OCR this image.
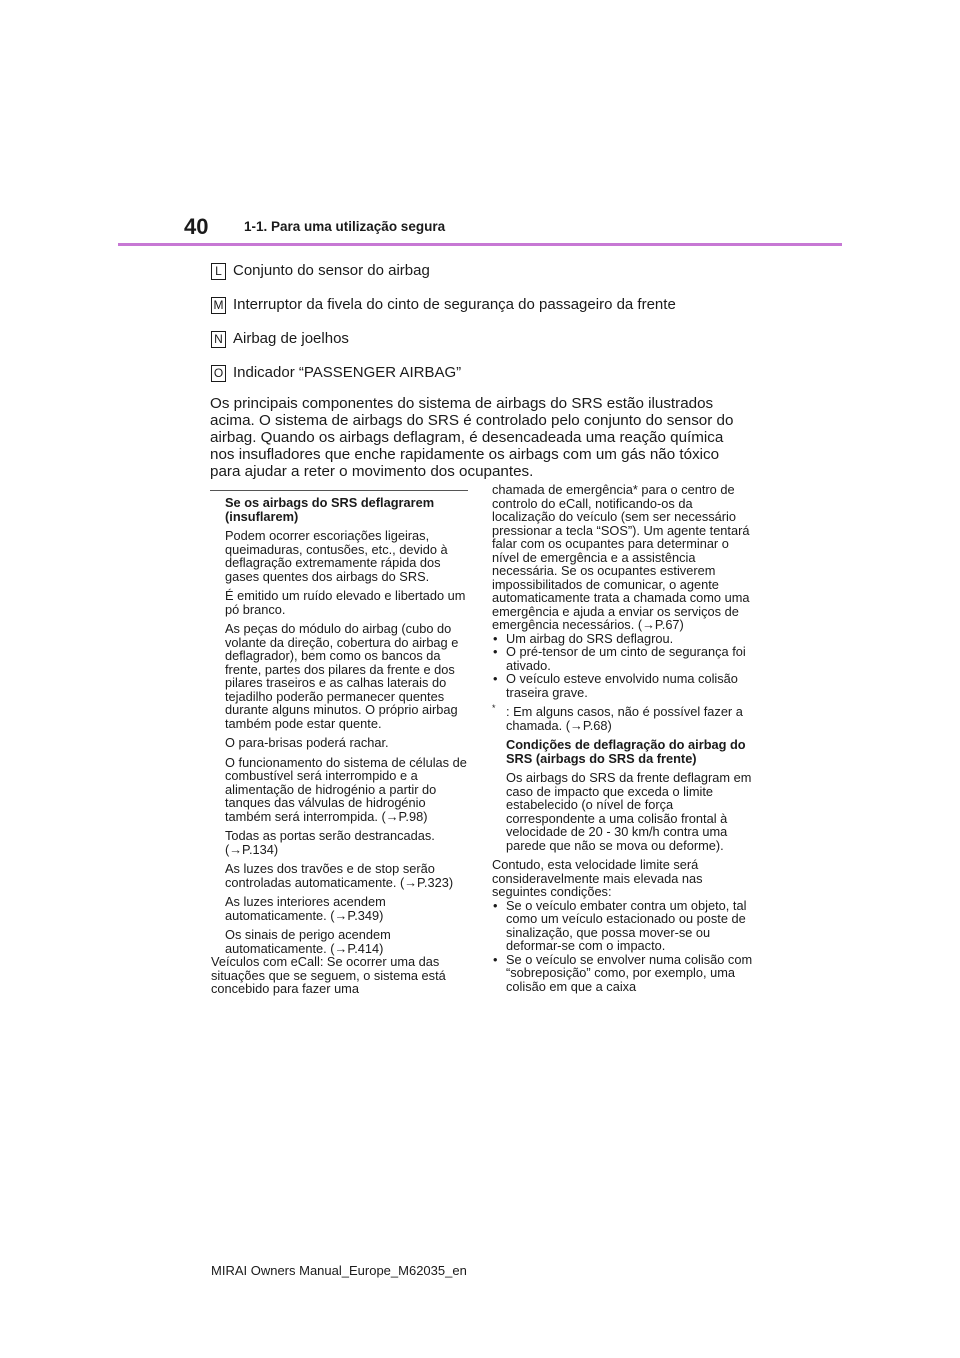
40	1-1. Para uma utilização segura
L Conjunto do sensor do airbag
M Interruptor da fivela do cinto de segurança do passageiro da frente
N Airbag de joelhos
O Indicador “PASSENGER AIRBAG”

Os principais componentes do sistema de airbags do SRS estão ilustrados acima. O sistema de airbags do SRS é controlado pelo conjunto do sensor do airbag. Quando os airbags deflagram, é desencadeada uma reação química nos insufladores que enche rapidamente os airbags com um gás não tóxico para ajudar a reter o movimento dos ocupantes.

Se os airbags do SRS deflagrarem (insuflarem)

Podem ocorrer escoriações ligeiras, queimaduras, contusões, etc., devido à deflagração extremamente rápida dos gases quentes dos airbags do SRS.

É emitido um ruído elevado e libertado um pó branco.

As peças do módulo do airbag (cubo do volante da direção, cobertura do airbag e deflagrador), bem como os bancos da frente, partes dos pilares da frente e dos pilares traseiros e as calhas laterais do tejadilho poderão permanecer quentes durante alguns minutos. O próprio airbag também pode estar quente.

O para-brisas poderá rachar.

O funcionamento do sistema de células de combustível será interrompido e a alimentação de hidrogénio a partir do tanques das válvulas de hidrogénio também será interrompida. (→P.98)

Todas as portas serão destrancadas. (→P.134)

As luzes dos travões e de stop serão controladas automaticamente. (→P.323)

As luzes interiores acendem automaticamente. (→P.349)

Os sinais de perigo acendem automaticamente. (→P.414)

Veículos com eCall: Se ocorrer uma das situações que se seguem, o sistema está concebido para fazer uma

chamada de emergência* para o centro de controlo do eCall, notificando-os da localização do veículo (sem ser necessário pressionar a tecla “SOS”). Um agente tentará falar com os ocupantes para determinar o nível de emergência e a assistência necessária. Se os ocupantes estiverem impossibilitados de comunicar, o agente automaticamente trata a chamada como uma emergência e ajuda a enviar os serviços de emergência necessários. (→P.67)

• Um airbag do SRS deflagrou.
• O pré-tensor de um cinto de segurança foi ativado.
• O veículo esteve envolvido numa colisão traseira grave.

* : Em alguns casos, não é possível fazer a chamada. (→P.68)

Condições de deflagração do airbag do SRS (airbags do SRS da frente)

Os airbags do SRS da frente deflagram em caso de impacto que exceda o limite estabelecido (o nível de força correspondente a uma colisão frontal à velocidade de 20 - 30 km/h contra uma parede que não se mova ou deforme).

Contudo, esta velocidade limite será consideravelmente mais elevada nas seguintes condições:

• Se o veículo embater contra um objeto, tal como um veículo estacionado ou poste de sinalização, que possa mover-se ou deformar-se com o impacto.
• Se o veículo se envolver numa colisão com “sobreposição” como, por exemplo, uma colisão em que a caixa
MIRAI Owners Manual_Europe_M62035_en
